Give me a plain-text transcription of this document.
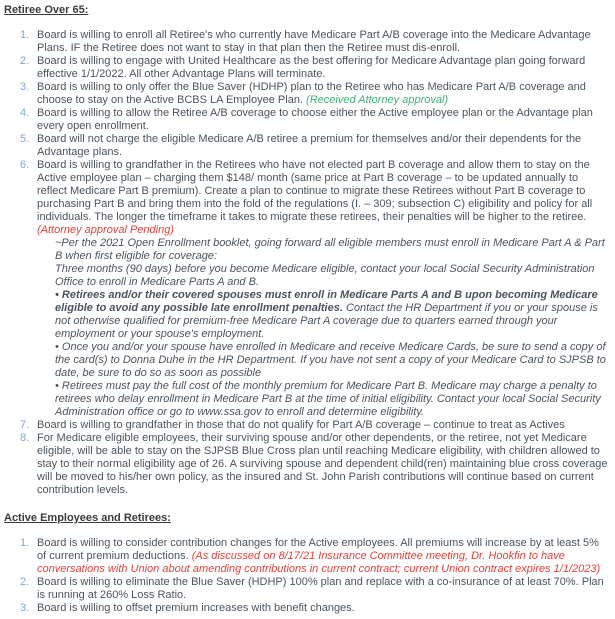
Retiree Over 65:
Board is willing to enroll all Retiree's who currently have Medicare Part A/B coverage into the Medicare Advantage Plans. IF the Retiree does not want to stay in that plan then the Retiree must dis-enroll.
Board is willing to engage with United Healthcare as the best offering for Medicare Advantage plan going forward effective 1/1/2022. All other Advantage Plans will terminate.
Board is willing to only offer the Blue Saver (HDHP) plan to the Retiree who has Medicare Part A/B coverage and choose to stay on the Active BCBS LA Employee Plan. (Received Attorney approval)
Board is willing to allow the Retiree A/B coverage to choose either the Active employee plan or the Advantage plan every open enrollment.
Board will not charge the eligible Medicare A/B retiree a premium for themselves and/or their dependents for the Advantage plans.
Board is willing to grandfather in the Retirees who have not elected part B coverage and allow them to stay on the Active employee plan – charging them $148/ month (same price at Part B coverage – to be updated annually to reflect Medicare Part B premium). Create a plan to continue to migrate these Retirees without Part B coverage to purchasing Part B and bring them into the fold of the regulations (I. – 309; subsection C) eligibility and policy for all individuals. The longer the timeframe it takes to migrate these retirees, their penalties will be higher to the retiree. (Attorney approval Pending)
~Per the 2021 Open Enrollment booklet, going forward all eligible members must enroll in Medicare Part A & Part B when first eligible for coverage:
Three months (90 days) before you become Medicare eligible, contact your local Social Security Administration Office to enroll in Medicare Parts A and B.
• Retirees and/or their covered spouses must enroll in Medicare Parts A and B upon becoming Medicare eligible to avoid any possible late enrollment penalties. Contact the HR Department if you or your spouse is not otherwise qualified for premium-free Medicare Part A coverage due to quarters earned through your employment or your spouse's employment.
• Once you and/or your spouse have enrolled in Medicare and receive Medicare Cards, be sure to send a copy of the card(s) to Donna Duhe in the HR Department. If you have not sent a copy of your Medicare Card to SJPSB to date, be sure to do so as soon as possible
• Retirees must pay the full cost of the monthly premium for Medicare Part B. Medicare may charge a penalty to retirees who delay enrollment in Medicare Part B at the time of initial eligibility. Contact your local Social Security Administration office or go to www.ssa.gov to enroll and determine eligibility.
Board is willing to grandfather in those that do not qualify for Part A/B coverage – continue to treat as Actives
For Medicare eligible employees, their surviving spouse and/or other dependents, or the retiree, not yet Medicare eligible, will be able to stay on the SJPSB Blue Cross plan until reaching Medicare eligibility, with children allowed to stay to their normal eligibility age of 26. A surviving spouse and dependent child(ren) maintaining blue cross coverage will be moved to his/her own policy, as the insured and St. John Parish contributions will continue based on current contribution levels.
Active Employees and Retirees:
Board is willing to consider contribution changes for the Active employees. All premiums will increase by at least 5% of current premium deductions. (As discussed on 8/17/21 Insurance Committee meeting, Dr. Hookfin to have conversations with Union about amending contributions in current contract; current Union contract expires 1/1/2023)
Board is willing to eliminate the Blue Saver (HDHP) 100% plan and replace with a co-insurance of at least 70%. Plan is running at 260% Loss Ratio.
Board is willing to offset premium increases with benefit changes.
